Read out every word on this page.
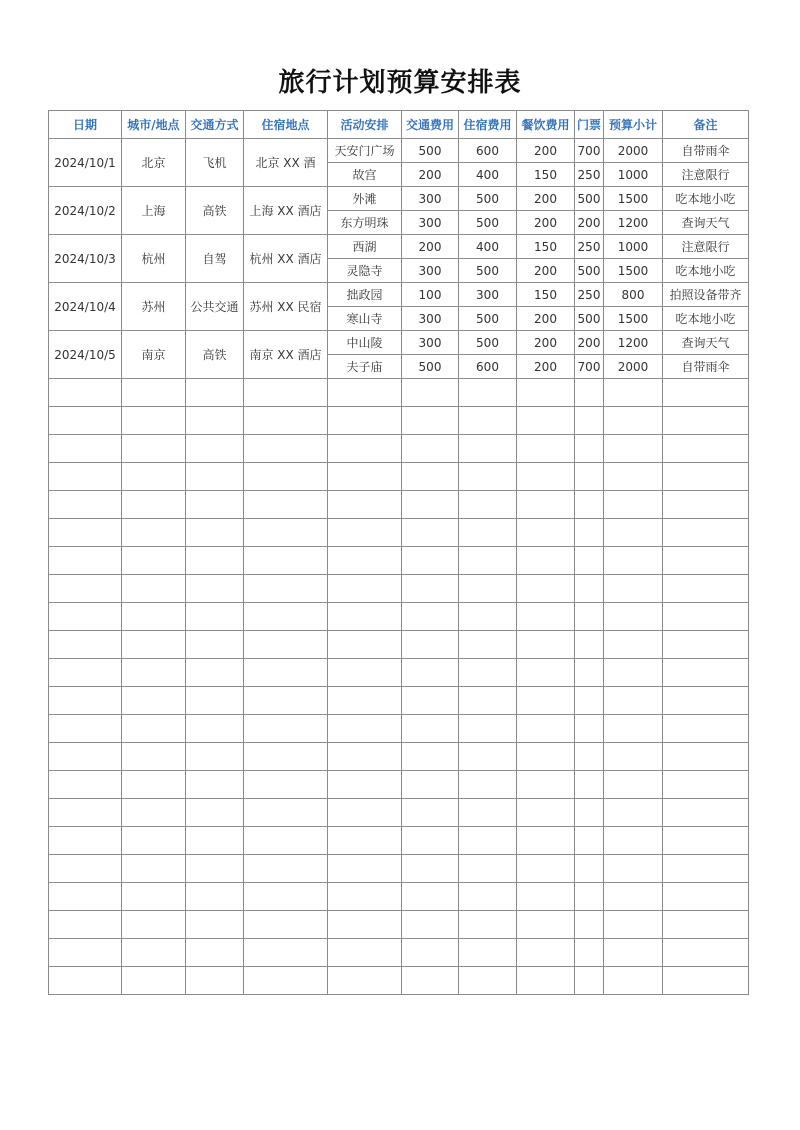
旅行计划预算安排表
日期	城市/地点	交通方式	住宿地点	活动安排	交通费用	住宿费用	餐饮费用	门票	预算小计	备注
2024/10/1	北京	飞机	北京 XX 酒	天安门广场	500	600	200	700	2000	自带雨伞
				故宫	200	400	150	250	1000	注意限行
2024/10/2	上海	高铁	上海 XX 酒店	外滩	300	500	200	500	1500	吃本地小吃
				东方明珠	300	500	200	200	1200	查询天气
2024/10/3	杭州	自驾	杭州 XX 酒店	西湖	200	400	150	250	1000	注意限行
				灵隐寺	300	500	200	500	1500	吃本地小吃
2024/10/4	苏州	公共交通	苏州 XX 民宿	拙政园	100	300	150	250	800	拍照设备带齐
				寒山寺	300	500	200	500	1500	吃本地小吃
2024/10/5	南京	高铁	南京 XX 酒店	中山陵	300	500	200	200	1200	查询天气
				夫子庙	500	600	200	700	2000	自带雨伞
